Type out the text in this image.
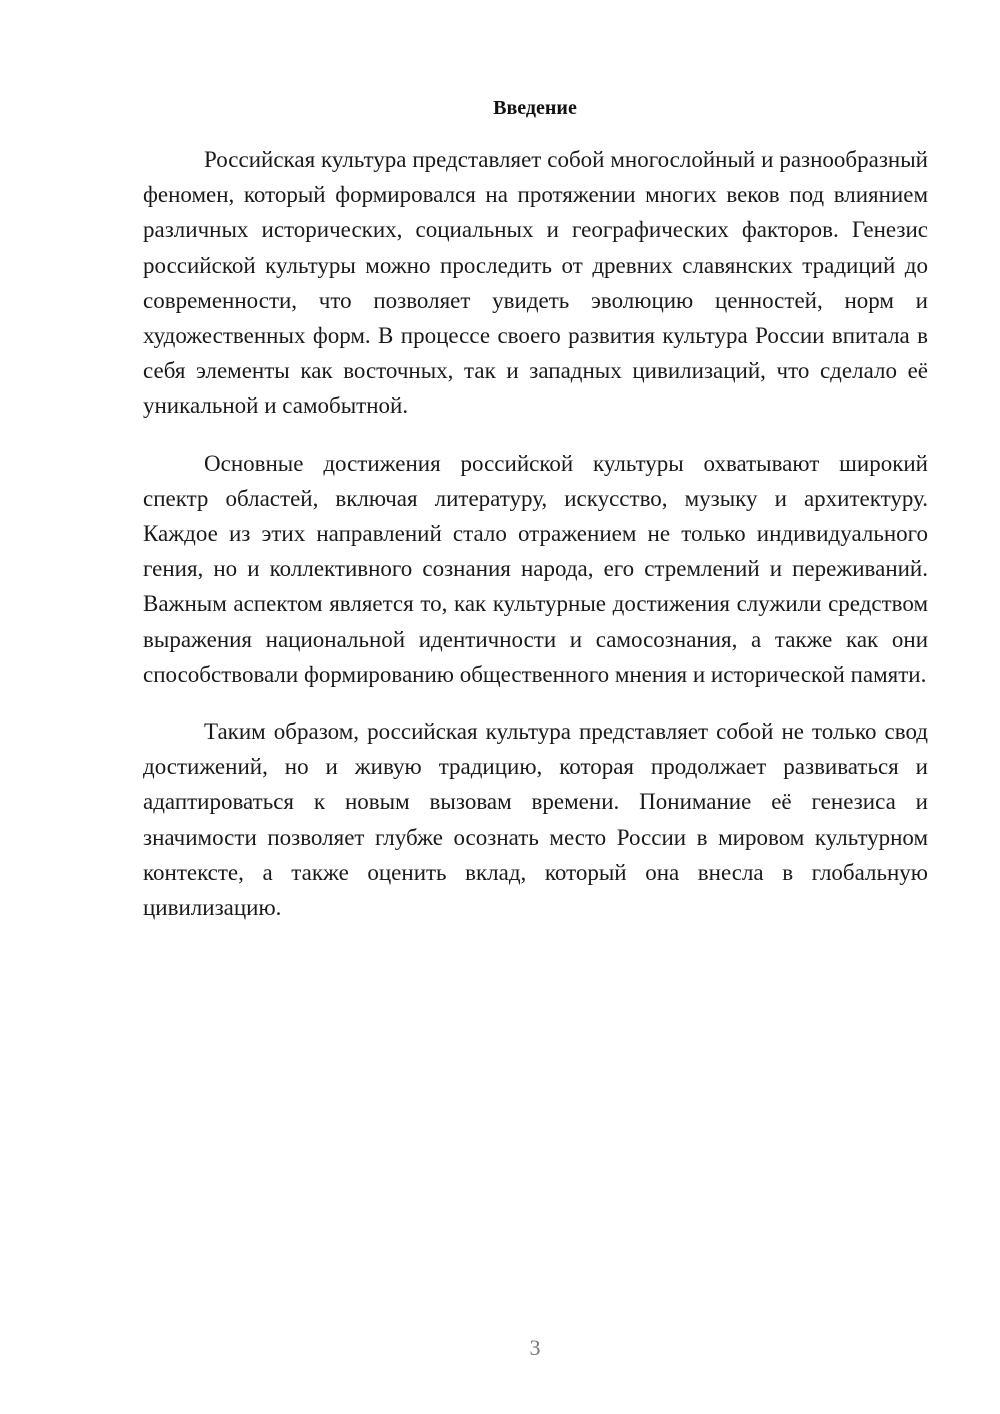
Введение

Российская культура представляет собой многослойный и разнообразный феномен, который формировался на протяжении многих веков под влиянием различных исторических, социальных и географических факторов. Генезис российской культуры можно проследить от древних славянских традиций до современности, что позволяет увидеть эволюцию ценностей, норм и художественных форм. В процессе своего развития культура России впитала в себя элементы как восточных, так и западных цивилизаций, что сделало её уникальной и самобытной.

Основные достижения российской культуры охватывают широкий спектр областей, включая литературу, искусство, музыку и архитектуру. Каждое из этих направлений стало отражением не только индивидуального гения, но и коллективного сознания народа, его стремлений и переживаний. Важным аспектом является то, как культурные достижения служили средством выражения национальной идентичности и самосознания, а также как они способствовали формированию общественного мнения и исторической памяти.

Таким образом, российская культура представляет собой не только свод достижений, но и живую традицию, которая продолжает развиваться и адаптироваться к новым вызовам времени. Понимание её генезиса и значимости позволяет глубже осознать место России в мировом культурном контексте, а также оценить вклад, который она внесла в глобальную цивилизацию.

3
